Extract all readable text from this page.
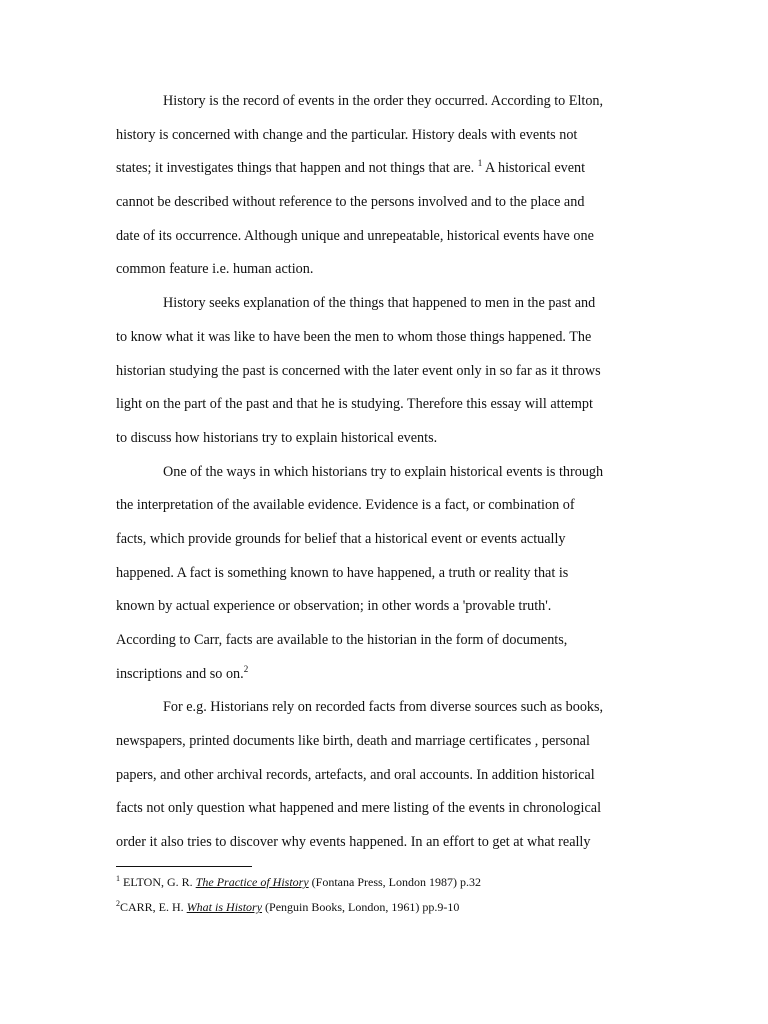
History is the record of events in the order they occurred. According to Elton,
history is concerned with change and the particular. History deals with events not
states; it investigates things that happen and not things that are. $^1$ A historical event
cannot be described without reference to the persons involved and to the place and
date of its occurrence. Although unique and unrepeatable, historical events have one
common feature i.e. human action.
History seeks explanation of the things that happened to men in the past and
to know what it was like to have been the men to whom those things happened. The
historian studying the past is concerned with the later event only in so far as it throws
light on the part of the past and that he is studying. Therefore this essay will attempt
to discuss how historians try to explain historical events.
One of the ways in which historians try to explain historical events is through
the interpretation of the available evidence. Evidence is a fact, or combination of
facts, which provide grounds for belief that a historical event or events actually
happened. A fact is something known to have happened, a truth or reality that is
known by actual experience or observation; in other words a 'provable truth'.
According to Carr, facts are available to the historian in the form of documents,
inscriptions and so on.$^2$
For e.g. Historians rely on recorded facts from diverse sources such as books,
newspapers, printed documents like birth, death and marriage certificates , personal
papers, and other archival records, artefacts, and oral accounts. In addition historical
facts not only question what happened and mere listing of the events in chronological
order it also tries to discover why events happened. In an effort to get at what really
$^1$ ELTON, G. R. The Practice of History (Fontana Press, London 1987) p.32
$^2$CARR, E. H. What is History (Penguin Books, London, 1961) pp.9-10
